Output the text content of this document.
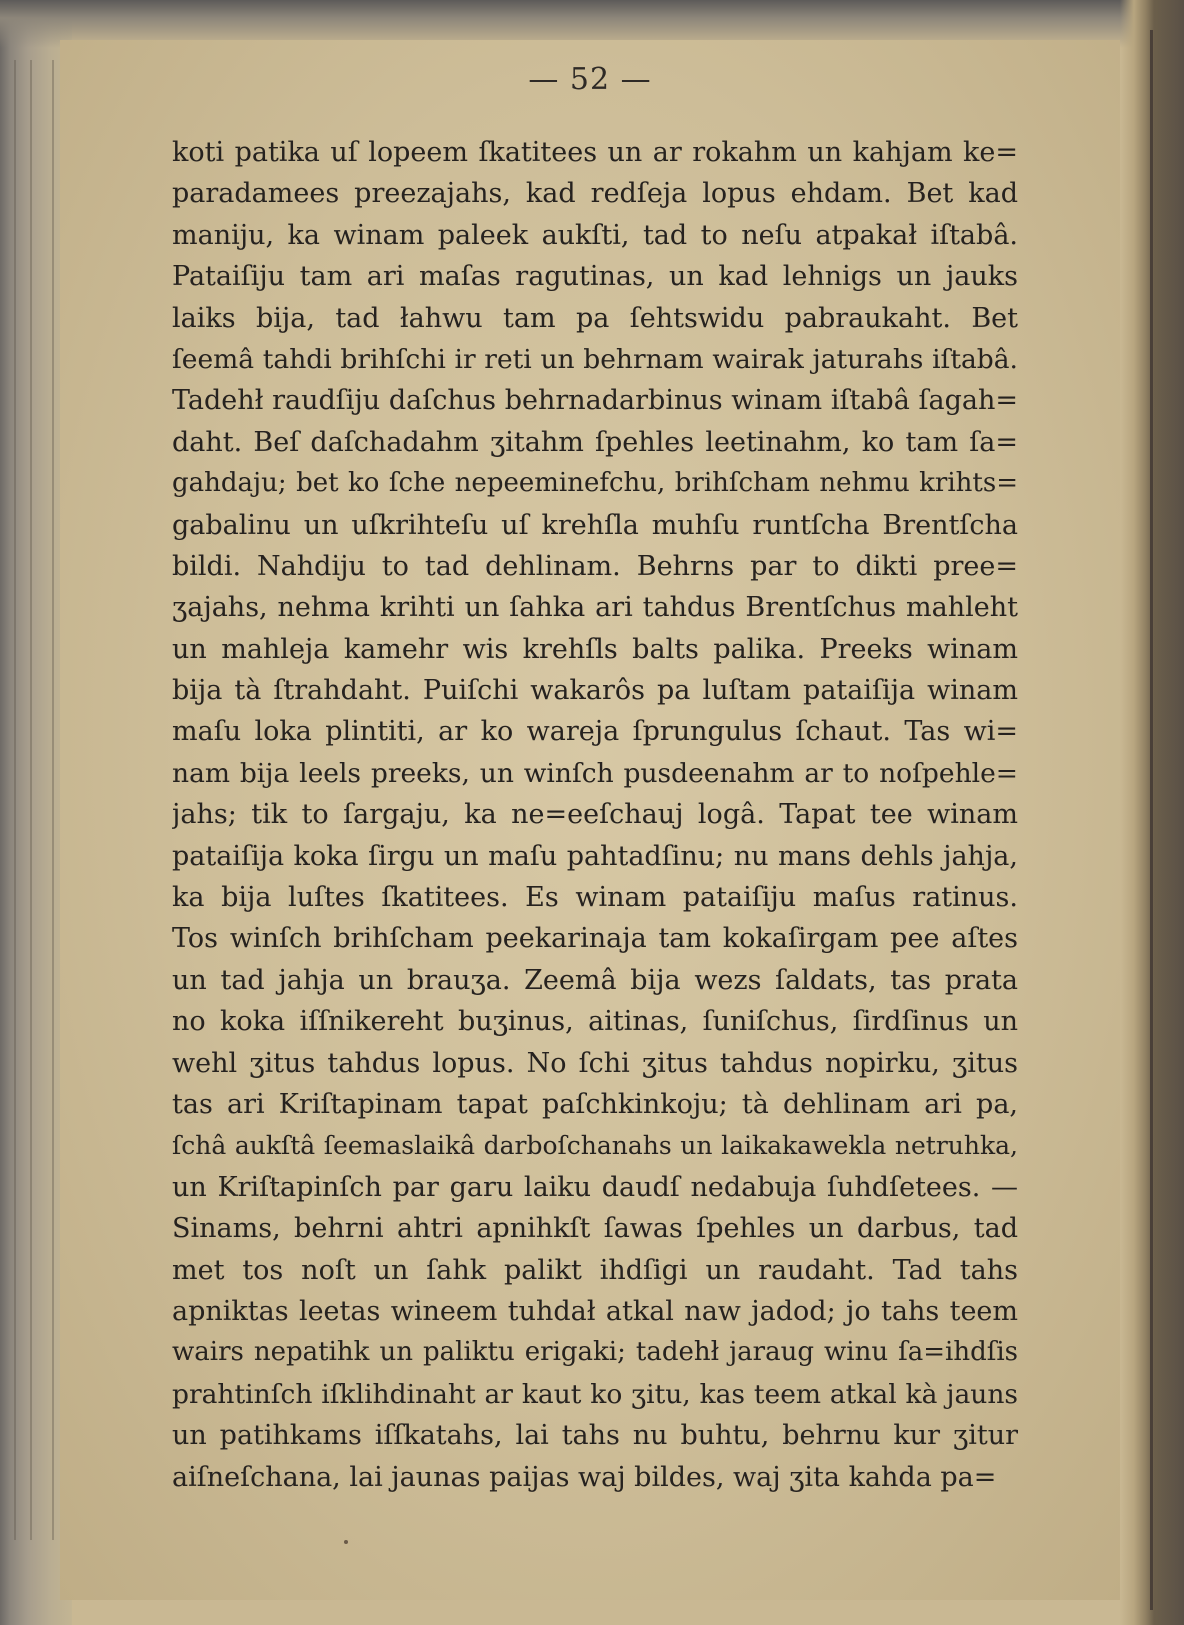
— 52 —
koti patika uſ lopeem ſkatitees un ar rokahm un kahjam ke=
paradamees preezajahs, kad redſeja lopus ehdam. Bet kad
maniju, ka winam paleek aukſti, tad to neſu atpakał iſtabâ.
Pataiſiju tam ari maſas ragutinas, un kad lehnigs un jauks
laiks bija, tad łahwu tam pa ſehtswidu pabraukaht. Bet
ſeemâ tahdi brihſchi ir reti un behrnam wairak jaturahs iſtabâ.
Tadehł raudſiju daſchus behrnadarbinus winam iſtabâ ſagah=
daht. Beſ daſchadahm ʒitahm ſpehles leetinahm, ko tam ſa=
gahdaju; bet ko ſche nepeeminefchu, brihſcham nehmu krihts=
gabalinu un uſkrihteſu uſ krehſla muhſu runtſcha Brentſcha
bildi. Nahdiju to tad dehlinam. Behrns par to dikti pree=
ʒajahs, nehma krihti un ſahka ari tahdus Brentſchus mahleht
un mahleja kamehr wis krehſls balts palika. Preeks winam
bija tà ſtrahdaht. Puiſchi wakarôs pa luſtam pataiſija winam
maſu loka plintiti, ar ko wareja ſprungulus ſchaut. Tas wi=
nam bija leels preeks, un winſch pusdeenahm ar to noſpehle=
jahs; tik to ſargaju, ka ne=eeſchauj logâ. Tapat tee winam
pataiſija koka ſirgu un maſu pahtadſinu; nu mans dehls jahja,
ka bija luſtes ſkatitees. Es winam pataiſiju maſus ratinus.
Tos winſch brihſcham peekarinaja tam kokaſirgam pee aſtes
un tad jahja un brauʒa. Zeemâ bija wezs ſaldats, tas prata
no koka iſſnikereht buʒinus, aitinas, ſuniſchus, ſirdſinus un
wehl ʒitus tahdus lopus. No ſchi ʒitus tahdus nopirku, ʒitus
tas ari Kriſtapinam tapat paſchkinkoju; tà dehlinam ari pa,
ſchâ aukſtâ ſeemaslaikâ darboſchanahs un laikakawekla netruhka,
un Kriſtapinſch par garu laiku daudſ nedabuja ſuhdſetees. —
Sinams, behrni ahtri apnihkſt ſawas ſpehles un darbus, tad
met tos noſt un ſahk palikt ihdſigi un raudaht. Tad tahs
apniktas leetas wineem tuhdał atkal naw jadod; jo tahs teem
wairs nepatihk un paliktu erigaki; tadehł jaraug winu ſa=ihdſis
prahtinſch iſklihdinaht ar kaut ko ʒitu, kas teem atkal kà jauns
un patihkams iſſkatahs, lai tahs nu buhtu, behrnu kur ʒitur
aiſneſchana, lai jaunas paijas waj bildes, waj ʒita kahda pa=
